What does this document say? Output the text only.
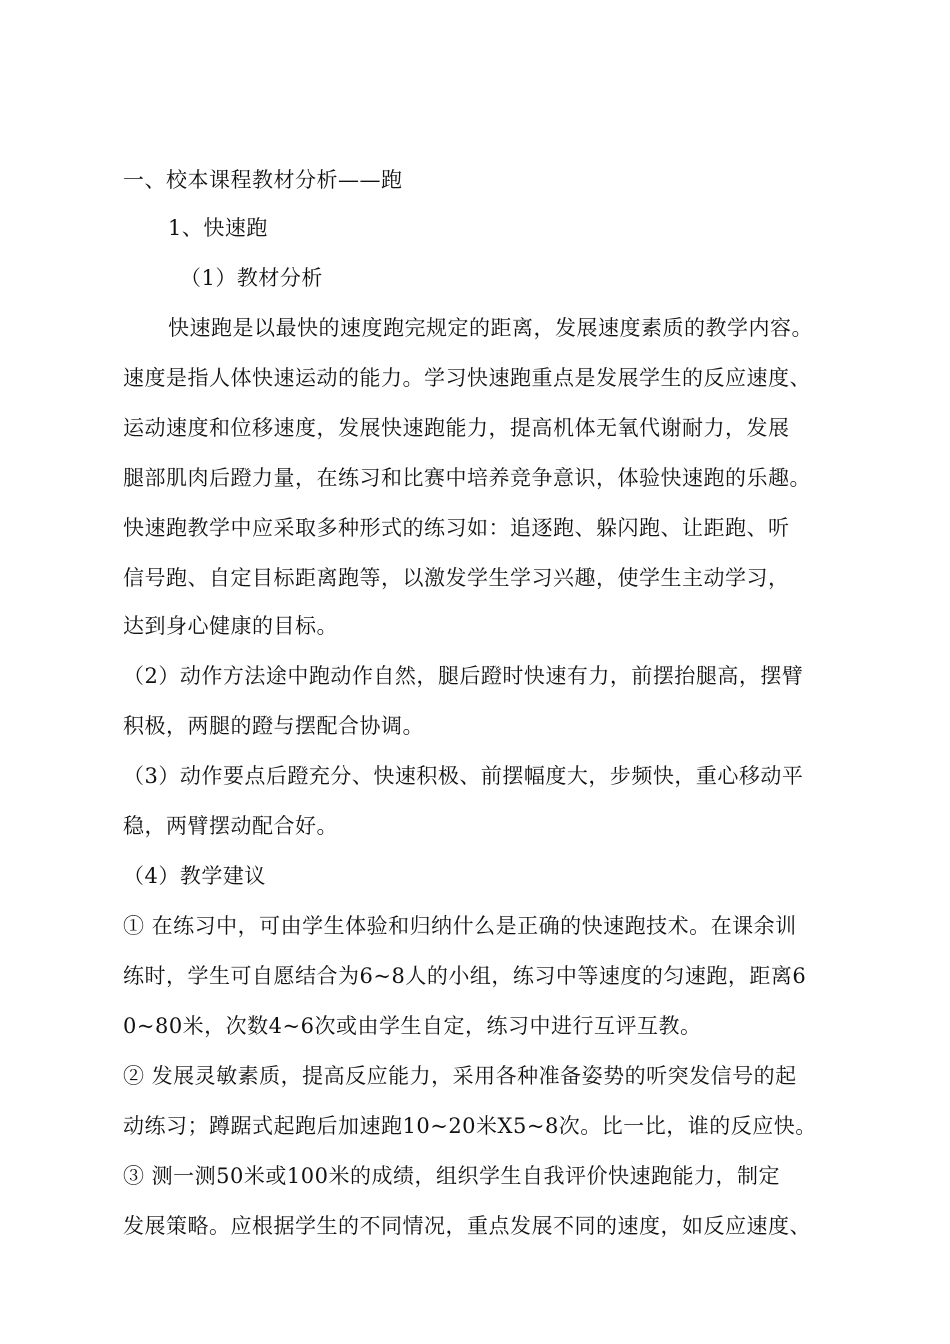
一、校本课程教材分析——跑
1、快速跑
（1）教材分析
快速跑是以最快的速度跑完规定的距离，发展速度素质的教学内容。
速度是指人体快速运动的能力。学习快速跑重点是发展学生的反应速度、
运动速度和位移速度，发展快速跑能力，提高机体无氧代谢耐力，发展
腿部肌肉后蹬力量，在练习和比赛中培养竞争意识，体验快速跑的乐趣。
快速跑教学中应采取多种形式的练习如：追逐跑、躲闪跑、让距跑、听
信号跑、自定目标距离跑等，以激发学生学习兴趣，使学生主动学习，
达到身心健康的目标。
（2）动作方法途中跑动作自然，腿后蹬时快速有力，前摆抬腿高，摆臂
积极，两腿的蹬与摆配合协调。
（3）动作要点后蹬充分、快速积极、前摆幅度大，步频快，重心移动平
稳，两臂摆动配合好。
（4）教学建议
① 在练习中，可由学生体验和归纳什么是正确的快速跑技术。在课余训
练时，学生可自愿结合为6~8人的小组，练习中等速度的匀速跑，距离6
0~80米，次数4~6次或由学生自定，练习中进行互评互教。
② 发展灵敏素质，提高反应能力，采用各种准备姿势的听突发信号的起
动练习；蹲踞式起跑后加速跑10~20米X5~8次。比一比，谁的反应快。
③ 测一测50米或100米的成绩，组织学生自我评价快速跑能力，制定
发展策略。应根据学生的不同情况，重点发展不同的速度，如反应速度、
